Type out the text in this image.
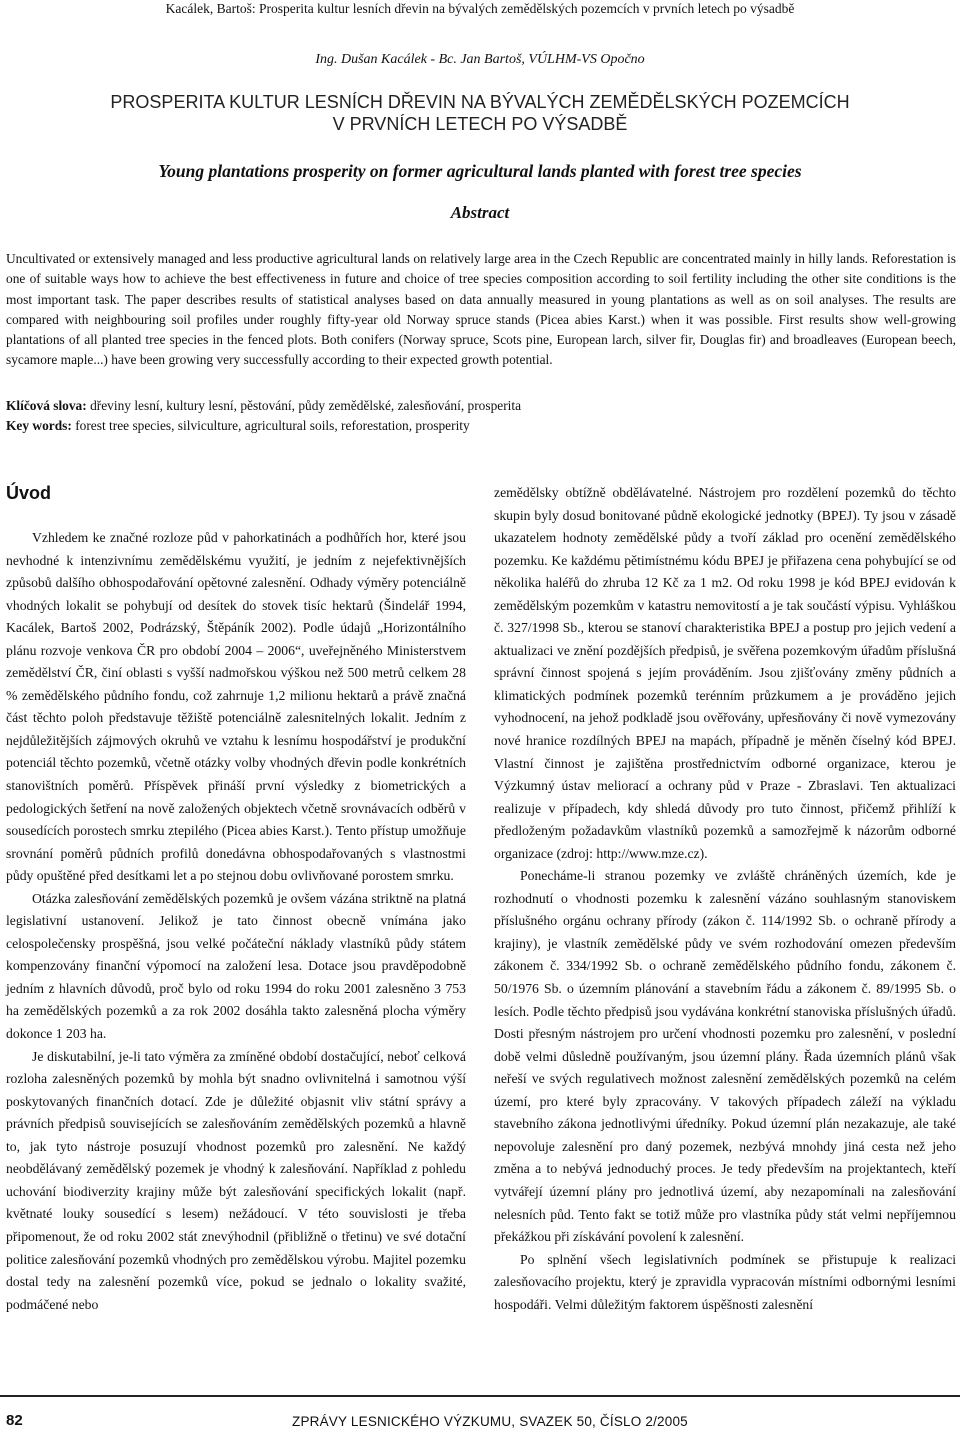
Kacálek, Bartoš: Prosperita kultur lesních dřevin na bývalých zemědělských pozemcích v prvních letech po výsadbě
Ing. Dušan Kacálek - Bc. Jan Bartoš, VÚLHM-VS Opočno
PROSPERITA KULTUR LESNÍCH DŘEVIN NA BÝVALÝCH ZEMĚDĚLSKÝCH POZEMCÍCH
V PRVNÍCH LETECH PO VÝSADBĚ
Young plantations prosperity on former agricultural lands planted with forest tree species
Abstract
Uncultivated or extensively managed and less productive agricultural lands on relatively large area in the Czech Republic are concentrated mainly in hilly lands. Reforestation is one of suitable ways how to achieve the best effectiveness in future and choice of tree species composition according to soil fertility including the other site conditions is the most important task. The paper describes results of statistical analyses based on data annually measured in young plantations as well as on soil analyses. The results are compared with neighbouring soil profiles under roughly fifty-year old Norway spruce stands (Picea abies Karst.) when it was possible. First results show well-growing plantations of all planted tree species in the fenced plots. Both conifers (Norway spruce, Scots pine, European larch, silver fir, Douglas fir) and broadleaves (European beech, sycamore maple...) have been growing very successfully according to their expected growth potential.
Klíčová slova: dřeviny lesní, kultury lesní, pěstování, půdy zemědělské, zalesňování, prosperita
Key words: forest tree species, silviculture, agricultural soils, reforestation, prosperity
Úvod

Vzhledem ke značné rozloze půd v pahorkatinách a podhůřích hor, které jsou nevhodné k intenzivnímu zemědělskému využití, je jedním z nejefektivnějších způsobů dalšího obhospodařování opětovné zalesnění. Odhady výměry potenciálně vhodných lokalit se pohybují od desítek do stovek tisíc hektarů (Šindelář 1994, Kacálek, Bartoš 2002, Podrázský, Štěpáník 2002). Podle údajů „Horizontálního plánu rozvoje venkova ČR pro období 2004 – 2006“, uveřejněného Ministerstvem zemědělství ČR, činí oblasti s vyšší nadmořskou výškou než 500 metrů celkem 28 % zemědělského půdního fondu, což zahrnuje 1,2 milionu hektarů a právě značná část těchto poloh představuje těžiště potenciálně zalesnitelných lokalit. Jedním z nejdůležitějších zájmových okruhů ve vztahu k lesnímu hospodářství je produkční potenciál těchto pozemků, včetně otázky volby vhodných dřevin podle konkrétních stanovištních poměrů. Příspěvek přináší první výsledky z biometrických a pedologických šetření na nově založených objektech včetně srovnávacích odběrů v sousedících porostech smrku ztepilého (Picea abies Karst.). Tento přístup umožňuje srovnání poměrů půdních profilů donedávna obhospodařovaných s vlastnostmi půdy opuštěné před desítkami let a po stejnou dobu ovlivňované porostem smrku.

Otázka zalesňování zemědělských pozemků je ovšem vázána striktně na platná legislativní ustanovení. Jelikož je tato činnost obecně vnímána jako celospolečensky prospěšná, jsou velké počáteční náklady vlastníků půdy státem kompenzovány finanční výpomocí na založení lesa. Dotace jsou pravděpodobně jedním z hlavních důvodů, proč bylo od roku 1994 do roku 2001 zalesněno 3 753 ha zemědělských pozemků a za rok 2002 dosáhla takto zalesněná plocha výměry dokonce 1 203 ha.

Je diskutabilní, je-li tato výměra za zmíněné období dostačující, neboť celková rozloha zalesněných pozemků by mohla být snadno ovlivnitelná i samotnou výší poskytovaných finančních dotací. Zde je důležité objasnit vliv státní správy a právních předpisů souvisejících se zalesňováním zemědělských pozemků a hlavně to, jak tyto nástroje posuzují vhodnost pozemků pro zalesnění. Ne každý neobdělávaný zemědělský pozemek je vhodný k zalesňování. Například z pohledu uchování biodiverzity krajiny může být zalesňování specifických lokalit (např. květnaté louky sousedící s lesem) nežádoucí. V této souvislosti je třeba připomenout, že od roku 2002 stát znevýhodnil (přibližně o třetinu) ve své dotační politice zalesňování pozemků vhodných pro zemědělskou výrobu. Majitel pozemku dostal tedy na zalesnění pozemků více, pokud se jednalo o lokality svažité, podmáčené nebo

zemědělsky obtížně obdělávatelné. Nástrojem pro rozdělení pozemků do těchto skupin byly dosud bonitované půdně ekologické jednotky (BPEJ). Ty jsou v zásadě ukazatelem hodnoty zemědělské půdy a tvoří základ pro ocenění zemědělského pozemku. Ke každému pětimístnému kódu BPEJ je přiřazena cena pohybující se od několika haléřů do zhruba 12 Kč za 1 m2. Od roku 1998 je kód BPEJ evidován k zemědělským pozemkům v katastru nemovitostí a je tak součástí výpisu. Vyhláškou č. 327/1998 Sb., kterou se stanoví charakteristika BPEJ a postup pro jejich vedení a aktualizaci ve znění pozdějších předpisů, je svěřena pozemkovým úřadům příslušná správní činnost spojená s jejím prováděním. Jsou zjišťovány změny půdních a klimatických podmínek pozemků terénním průzkumem a je prováděno jejich vyhodnocení, na jehož podkladě jsou ověřovány, upřesňovány či nově vymezovány nové hranice rozdílných BPEJ na mapách, případně je měněn číselný kód BPEJ. Vlastní činnost je zajištěna prostřednictvím odborné organizace, kterou je Výzkumný ústav meliorací a ochrany půd v Praze - Zbraslavi. Ten aktualizaci realizuje v případech, kdy shledá důvody pro tuto činnost, přičemž přihlíží k předloženým požadavkům vlastníků pozemků a samozřejmě k názorům odborné organizace (zdroj: http://www.mze.cz).

Ponecháme-li stranou pozemky ve zvláště chráněných územích, kde je rozhodnutí o vhodnosti pozemku k zalesnění vázáno souhlasným stanoviskem příslušného orgánu ochrany přírody (zákon č. 114/1992 Sb. o ochraně přírody a krajiny), je vlastník zemědělské půdy ve svém rozhodování omezen především zákonem č. 334/1992 Sb. o ochraně zemědělského půdního fondu, zákonem č. 50/1976 Sb. o územním plánování a stavebním řádu a zákonem č. 89/1995 Sb. o lesích. Podle těchto předpisů jsou vydávána konkrétní stanoviska příslušných úřadů. Dosti přesným nástrojem pro určení vhodnosti pozemku pro zalesnění, v poslední době velmi důsledně používaným, jsou územní plány. Řada územních plánů však neřeší ve svých regulativech možnost zalesnění zemědělských pozemků na celém území, pro které byly zpracovány. V takových případech záleží na výkladu stavebního zákona jednotlivými úředníky. Pokud územní plán nezakazuje, ale také nepovoluje zalesnění pro daný pozemek, nezbývá mnohdy jiná cesta než jeho změna a to nebývá jednoduchý proces. Je tedy především na projektantech, kteří vytvářejí územní plány pro jednotlivá území, aby nezapomínali na zalesňování nelesních půd. Tento fakt se totiž může pro vlastníka půdy stát velmi nepříjemnou překážkou při získávání povolení k zalesnění.

Po splnění všech legislativních podmínek se přistupuje k realizaci zalesňovacího projektu, který je zpravidla vypracován místními odbornými lesními hospodáři. Velmi důležitým faktorem úspěšnosti zalesnění

82	ZPRÁVY LESNICKÉHO VÝZKUMU, SVAZEK 50, ČÍSLO 2/2005
